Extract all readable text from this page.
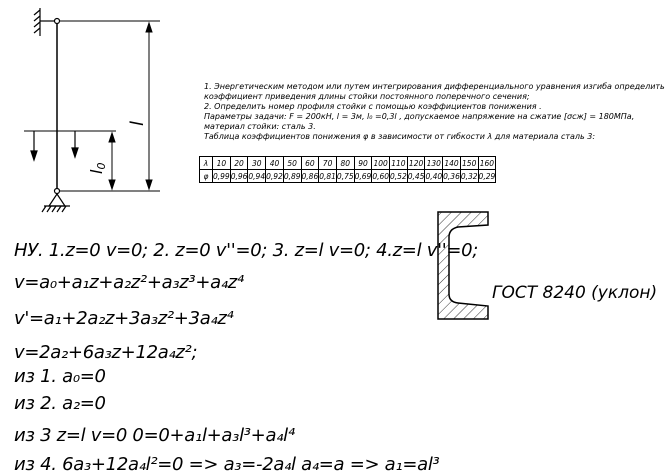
l
l0
1. Энергетическим методом или путем интегрирования дифференциального уравнения изгиба определить
коэффициент приведения длины стойки постоянного поперечного сечения;
2. Определить номер профиля стойки с помощью коэффициентов понижения .
Параметры задачи: F = 200кН, l = 3м, l₀ =0,3l , допускаемое напряжение на сжатие [σсж] = 180МПа,
материал стойки: сталь 3.
Таблица коэффициентов понижения φ в зависимости от гибкости λ для материала сталь 3:
λ	10	20	30	40	50	60	70	80	90	100	110	120	130	140	150	160
φ	0,99	0,96	0,94	0,92	0,89	0,86	0,81	0,75	0,69	0,60	0,52	0,45	0,40	0,36	0,32	0,29
НУ. 1.z=0 v=0; 2. z=0 v''=0; 3. z=l v=0; 4.z=l v''=0;
v=a₀+a₁z+a₂z²+a₃z³+a₄z⁴
v'=a₁+2a₂z+3a₃z²+3a₄z⁴
v=2a₂+6a₃z+12a₄z²;
из 1. a₀=0
из 2. a₂=0
из 3 z=l v=0 0=0+a₁l+a₃l³+a₄l⁴
из 4. 6a₃+12a₄l²=0 => a₃=-2a₄l a₄=a => a₁=al³
ГОСТ 8240 (уклон)
